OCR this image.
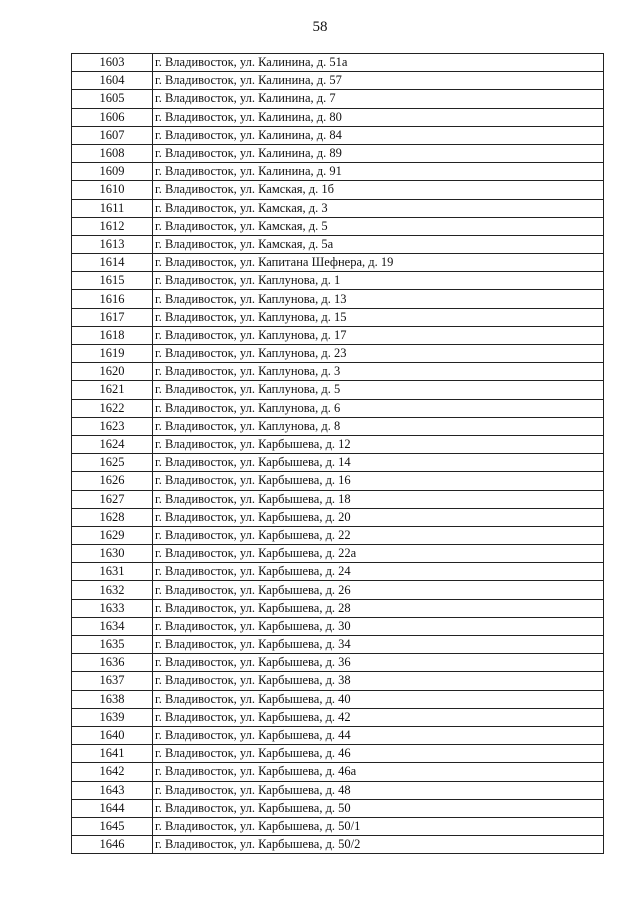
58
1603	г. Владивосток, ул. Калинина, д. 51а
1604	г. Владивосток, ул. Калинина, д. 57
1605	г. Владивосток, ул. Калинина, д. 7
1606	г. Владивосток, ул. Калинина, д. 80
1607	г. Владивосток, ул. Калинина, д. 84
1608	г. Владивосток, ул. Калинина, д. 89
1609	г. Владивосток, ул. Калинина, д. 91
1610	г. Владивосток, ул. Камская, д. 1б
1611	г. Владивосток, ул. Камская, д. 3
1612	г. Владивосток, ул. Камская, д. 5
1613	г. Владивосток, ул. Камская, д. 5а
1614	г. Владивосток, ул. Капитана Шефнера, д. 19
1615	г. Владивосток, ул. Каплунова, д. 1
1616	г. Владивосток, ул. Каплунова, д. 13
1617	г. Владивосток, ул. Каплунова, д. 15
1618	г. Владивосток, ул. Каплунова, д. 17
1619	г. Владивосток, ул. Каплунова, д. 23
1620	г. Владивосток, ул. Каплунова, д. 3
1621	г. Владивосток, ул. Каплунова, д. 5
1622	г. Владивосток, ул. Каплунова, д. 6
1623	г. Владивосток, ул. Каплунова, д. 8
1624	г. Владивосток, ул. Карбышева, д. 12
1625	г. Владивосток, ул. Карбышева, д. 14
1626	г. Владивосток, ул. Карбышева, д. 16
1627	г. Владивосток, ул. Карбышева, д. 18
1628	г. Владивосток, ул. Карбышева, д. 20
1629	г. Владивосток, ул. Карбышева, д. 22
1630	г. Владивосток, ул. Карбышева, д. 22а
1631	г. Владивосток, ул. Карбышева, д. 24
1632	г. Владивосток, ул. Карбышева, д. 26
1633	г. Владивосток, ул. Карбышева, д. 28
1634	г. Владивосток, ул. Карбышева, д. 30
1635	г. Владивосток, ул. Карбышева, д. 34
1636	г. Владивосток, ул. Карбышева, д. 36
1637	г. Владивосток, ул. Карбышева, д. 38
1638	г. Владивосток, ул. Карбышева, д. 40
1639	г. Владивосток, ул. Карбышева, д. 42
1640	г. Владивосток, ул. Карбышева, д. 44
1641	г. Владивосток, ул. Карбышева, д. 46
1642	г. Владивосток, ул. Карбышева, д. 46а
1643	г. Владивосток, ул. Карбышева, д. 48
1644	г. Владивосток, ул. Карбышева, д. 50
1645	г. Владивосток, ул. Карбышева, д. 50/1
1646	г. Владивосток, ул. Карбышева, д. 50/2
